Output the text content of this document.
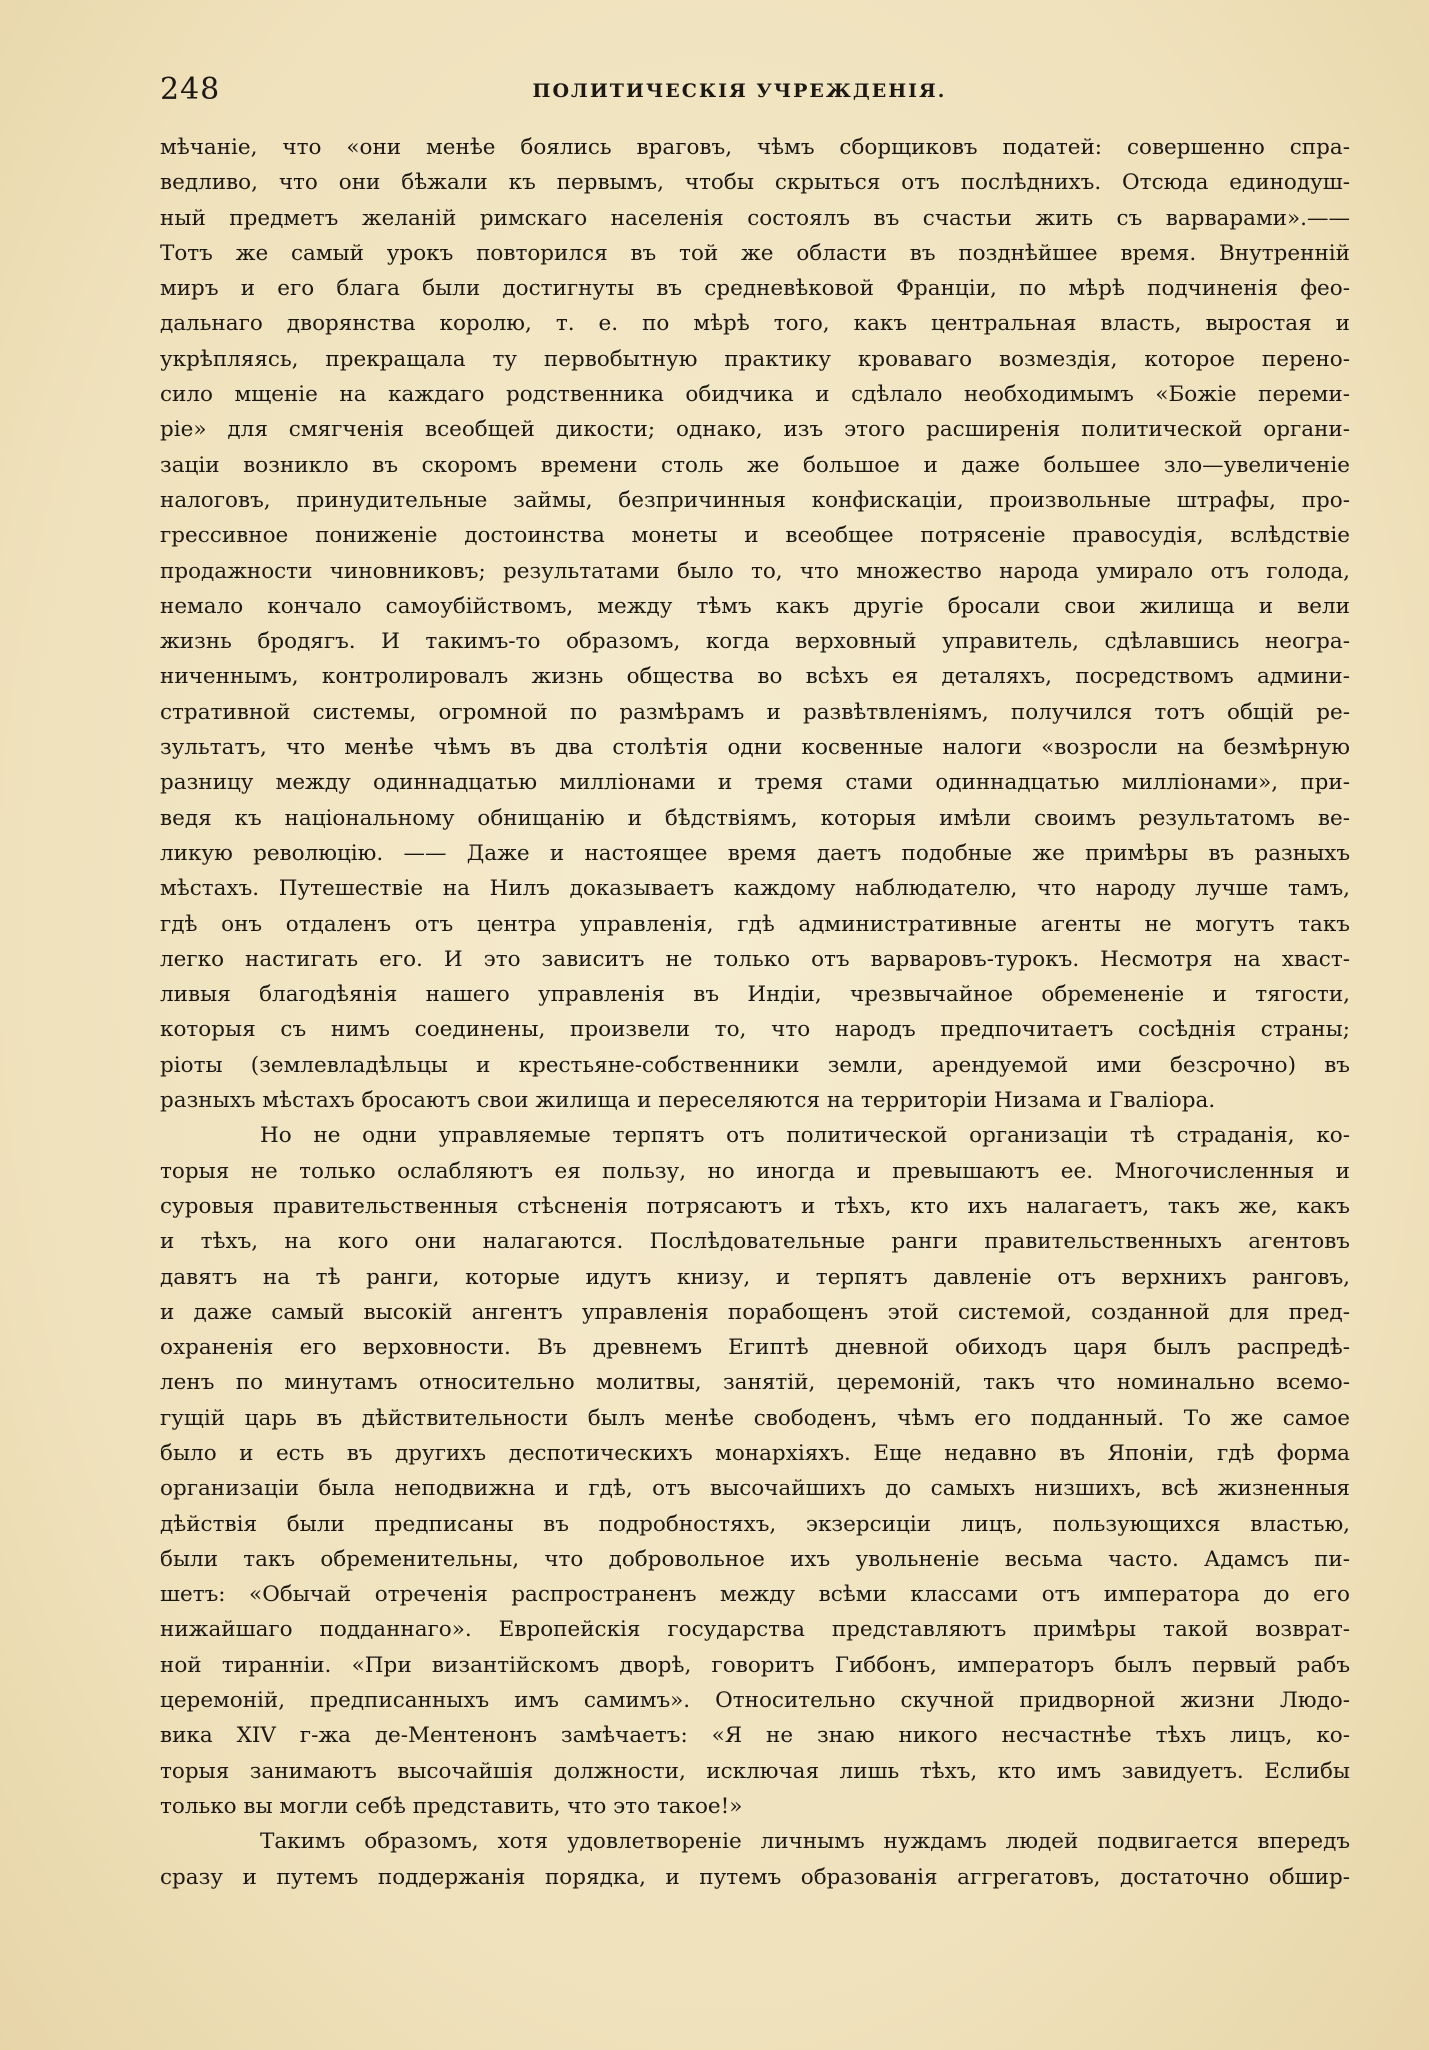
248	ПОЛИТИЧЕСКІЯ УЧРЕЖДЕНІЯ.
мѣчаніе, что «они менѣе боялись враговъ, чѣмъ сборщиковъ податей: совершенно спра-
ведливо, что они бѣжали къ первымъ, чтобы скрыться отъ послѣднихъ. Отсюда единодуш-
ный предметъ желаній римскаго населенія состоялъ въ счастьи жить съ варварами».——
Тотъ же самый урокъ повторился въ той же области въ позднѣйшее время. Внутренній
миръ и его блага были достигнуты въ средневѣковой Франціи, по мѣрѣ подчиненія фео-
дальнаго дворянства королю, т. е. по мѣрѣ того, какъ центральная власть, выростая и
укрѣпляясь, прекращала ту первобытную практику кроваваго возмездія, которое перено-
сило мщеніе на каждаго родственника обидчика и сдѣлало необходимымъ «Божіе переми-
ріе» для смягченія всеобщей дикости; однако, изъ этого расширенія политической органи-
заціи возникло въ скоромъ времени столь же большое и даже большее зло—увеличеніе
налоговъ, принудительные займы, безпричинныя конфискаціи, произвольные штрафы, про-
грессивное пониженіе достоинства монеты и всеобщее потрясеніе правосудія, вслѣдствіе
продажности чиновниковъ; результатами было то, что множество народа умирало отъ голода,
немало кончало самоубійствомъ, между тѣмъ какъ другіе бросали свои жилища и вели
жизнь бродягъ. И такимъ-то образомъ, когда верховный управитель, сдѣлавшись неогра-
ниченнымъ, контролировалъ жизнь общества во всѣхъ ея деталяхъ, посредствомъ админи-
стративной системы, огромной по размѣрамъ и развѣтвленіямъ, получился тотъ общій ре-
зультатъ, что менѣе чѣмъ въ два столѣтія одни косвенные налоги «возросли на безмѣрную
разницу между одиннадцатью милліонами и тремя стами одиннадцатью милліонами», при-
ведя къ національному обнищанію и бѣдствіямъ, которыя имѣли своимъ результатомъ ве-
ликую революцію. —— Даже и настоящее время даетъ подобные же примѣры въ разныхъ
мѣстахъ. Путешествіе на Нилъ доказываетъ каждому наблюдателю, что народу лучше тамъ,
гдѣ онъ отдаленъ отъ центра управленія, гдѣ административные агенты не могутъ такъ
легко настигать его. И это зависитъ не только отъ варваровъ-турокъ. Несмотря на хваст-
ливыя благодѣянія нашего управленія въ Индіи, чрезвычайное обремененіе и тягости,
которыя съ нимъ соединены, произвели то, что народъ предпочитаетъ сосѣднія страны;
ріоты (землевладѣльцы и крестьяне-собственники земли, арендуемой ими безсрочно) въ
разныхъ мѣстахъ бросаютъ свои жилища и переселяются на территоріи Низама и Гваліора.
Но не одни управляемые терпятъ отъ политической организаціи тѣ страданія, ко-
торыя не только ослабляютъ ея пользу, но иногда и превышаютъ ее. Многочисленныя и
суровыя правительственныя стѣсненія потрясаютъ и тѣхъ, кто ихъ налагаетъ, такъ же, какъ
и тѣхъ, на кого они налагаются. Послѣдовательные ранги правительственныхъ агентовъ
давятъ на тѣ ранги, которые идутъ книзу, и терпятъ давленіе отъ верхнихъ ранговъ,
и даже самый высокій ангентъ управленія порабощенъ этой системой, созданной для пред-
охраненія его верховности. Въ древнемъ Египтѣ дневной обиходъ царя былъ распредѣ-
ленъ по минутамъ относительно молитвы, занятій, церемоній, такъ что номинально всемо-
гущій царь въ дѣйствительности былъ менѣе свободенъ, чѣмъ его подданный. То же самое
было и есть въ другихъ деспотическихъ монархіяхъ. Еще недавно въ Японіи, гдѣ форма
организаціи была неподвижна и гдѣ, отъ высочайшихъ до самыхъ низшихъ, всѣ жизненныя
дѣйствія были предписаны въ подробностяхъ, экзерсиціи лицъ, пользующихся властью,
были такъ обременительны, что добровольное ихъ увольненіе весьма часто. Адамсъ пи-
шетъ: «Обычай отреченія распространенъ между всѣми классами отъ императора до его
нижайшаго подданнаго». Европейскія государства представляютъ примѣры такой возврат-
ной тиранніи. «При византійскомъ дворѣ, говоритъ Гиббонъ, императоръ былъ первый рабъ
церемоній, предписанныхъ имъ самимъ». Относительно скучной придворной жизни Людо-
вика XIV г-жа де-Ментенонъ замѣчаетъ: «Я не знаю никого несчастнѣе тѣхъ лицъ, ко-
торыя занимаютъ высочайшія должности, исключая лишь тѣхъ, кто имъ завидуетъ. Еслибы
только вы могли себѣ представить, что это такое!»
Такимъ образомъ, хотя удовлетвореніе личнымъ нуждамъ людей подвигается впередъ
сразу и путемъ поддержанія порядка, и путемъ образованія аггрегатовъ, достаточно обшир-
